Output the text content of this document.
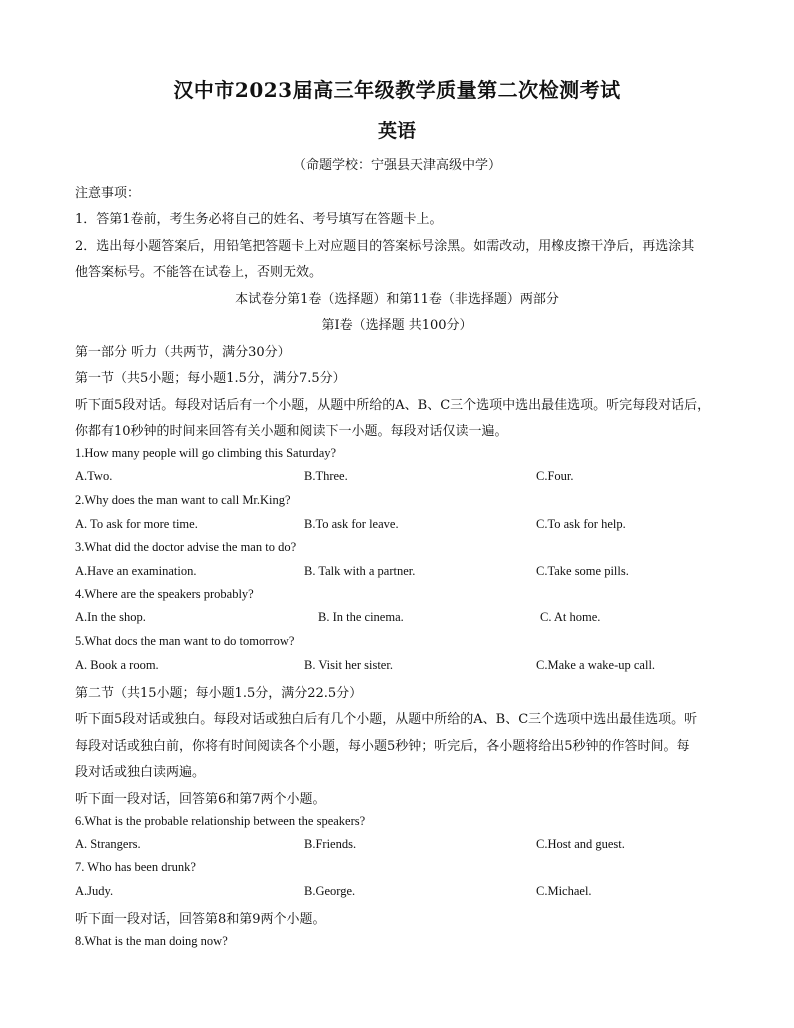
汉中市2023届高三年级教学质量第二次检测考试
英语
（命题学校：宁强县天津高级中学）
注意事项：
1．答第1卷前，考生务必将自己的姓名、考号填写在答题卡上。
2．选出每小题答案后，用铅笔把答题卡上对应题目的答案标号涂黑。如需改动，用橡皮擦干净后，再选涂其
他答案标号。不能答在试卷上，否则无效。
本试卷分第1卷（选择题）和第11卷（非选择题）两部分
第Ⅰ卷（选择题 共100分）
第一部分 听力（共两节，满分30分）
第一节（共5小题；每小题1.5分，满分7.5分）
听下面5段对话。每段对话后有一个小题，从题中所给的A、B、C三个选项中选出最佳选项。听完每段对话后，
你都有10秒钟的时间来回答有关小题和阅读下一小题。每段对话仅读一遍。
1.How many people will go climbing this Saturday?
A.Two.	B.Three.	C.Four.
2.Why does the man want to call Mr.King?
A. To ask for more time.	B.To ask for leave.	C.To ask for help.
3.What did the doctor advise the man to do?
A.Have an examination.	B. Talk with a partner.	C.Take some pills.
4.Where are the speakers probably?
A.In the shop.	B. In the cinema.	C. At home.
5.What docs the man want to do tomorrow?
A. Book a room.	B. Visit her sister.	C.Make a wake-up call.
第二节（共15小题；每小题1.5分，满分22.5分）
听下面5段对话或独白。每段对话或独白后有几个小题，从题中所给的A、B、C三个选项中选出最佳选项。听
每段对话或独白前，你将有时间阅读各个小题，每小题5秒钟；听完后，各小题将给出5秒钟的作答时间。每
段对话或独白读两遍。
听下面一段对话，回答第6和第7两个小题。
6.What is the probable relationship between the speakers?
A. Strangers.	B.Friends.	C.Host and guest.
7. Who has been drunk?
A.Judy.	B.George.	C.Michael.
听下面一段对话，回答第8和第9两个小题。
8.What is the man doing now?
